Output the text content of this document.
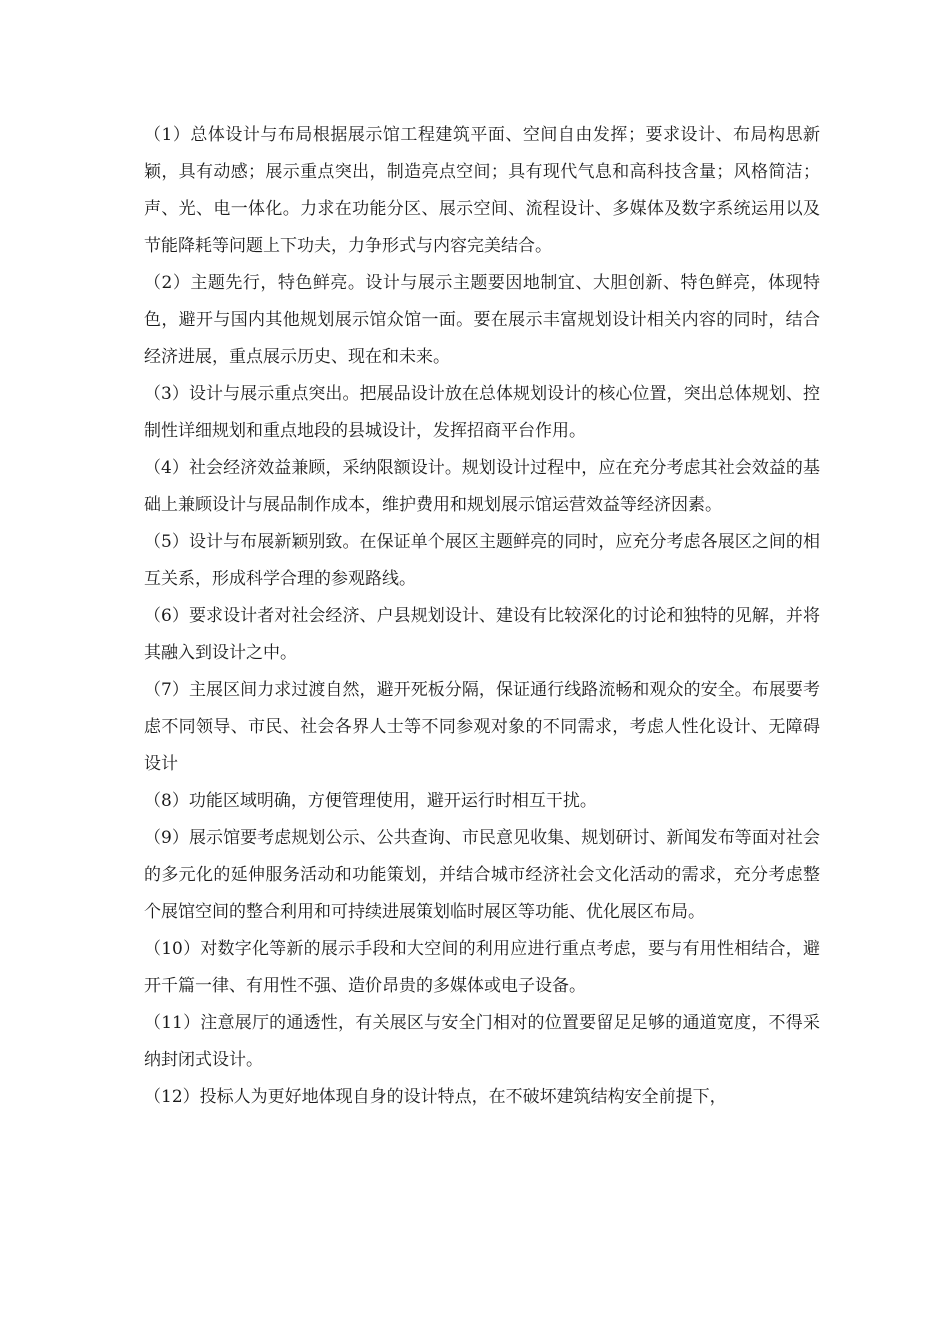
（1）总体设计与布局根据展示馆工程建筑平面、空间自由发挥；要求设计、布局构思新颖，具有动感；展示重点突出，制造亮点空间；具有现代气息和高科技含量；风格简洁；声、光、电一体化。力求在功能分区、展示空间、流程设计、多媒体及数字系统运用以及节能降耗等问题上下功夫，力争形式与内容完美结合。

（2）主题先行，特色鲜亮。设计与展示主题要因地制宜、大胆创新、特色鲜亮，体现特色，避开与国内其他规划展示馆众馆一面。要在展示丰富规划设计相关内容的同时，结合经济进展，重点展示历史、现在和未来。

（3）设计与展示重点突出。把展品设计放在总体规划设计的核心位置，突出总体规划、控制性详细规划和重点地段的县城设计，发挥招商平台作用。

（4）社会经济效益兼顾，采纳限额设计。规划设计过程中，应在充分考虑其社会效益的基础上兼顾设计与展品制作成本，维护费用和规划展示馆运营效益等经济因素。

（5）设计与布展新颖别致。在保证单个展区主题鲜亮的同时，应充分考虑各展区之间的相互关系，形成科学合理的参观路线。

（6）要求设计者对社会经济、户县规划设计、建设有比较深化的讨论和独特的见解，并将其融入到设计之中。

（7）主展区间力求过渡自然，避开死板分隔，保证通行线路流畅和观众的安全。布展要考虑不同领导、市民、社会各界人士等不同参观对象的不同需求，考虑人性化设计、无障碍设计

（8）功能区域明确，方便管理使用，避开运行时相互干扰。

（9）展示馆要考虑规划公示、公共查询、市民意见收集、规划研讨、新闻发布等面对社会的多元化的延伸服务活动和功能策划，并结合城市经济社会文化活动的需求，充分考虑整个展馆空间的整合利用和可持续进展策划临时展区等功能、优化展区布局。

（10）对数字化等新的展示手段和大空间的利用应进行重点考虑，要与有用性相结合，避开千篇一律、有用性不强、造价昂贵的多媒体或电子设备。

（11）注意展厅的通透性，有关展区与安全门相对的位置要留足足够的通道宽度，不得采纳封闭式设计。

（12）投标人为更好地体现自身的设计特点，在不破坏建筑结构安全前提下，
